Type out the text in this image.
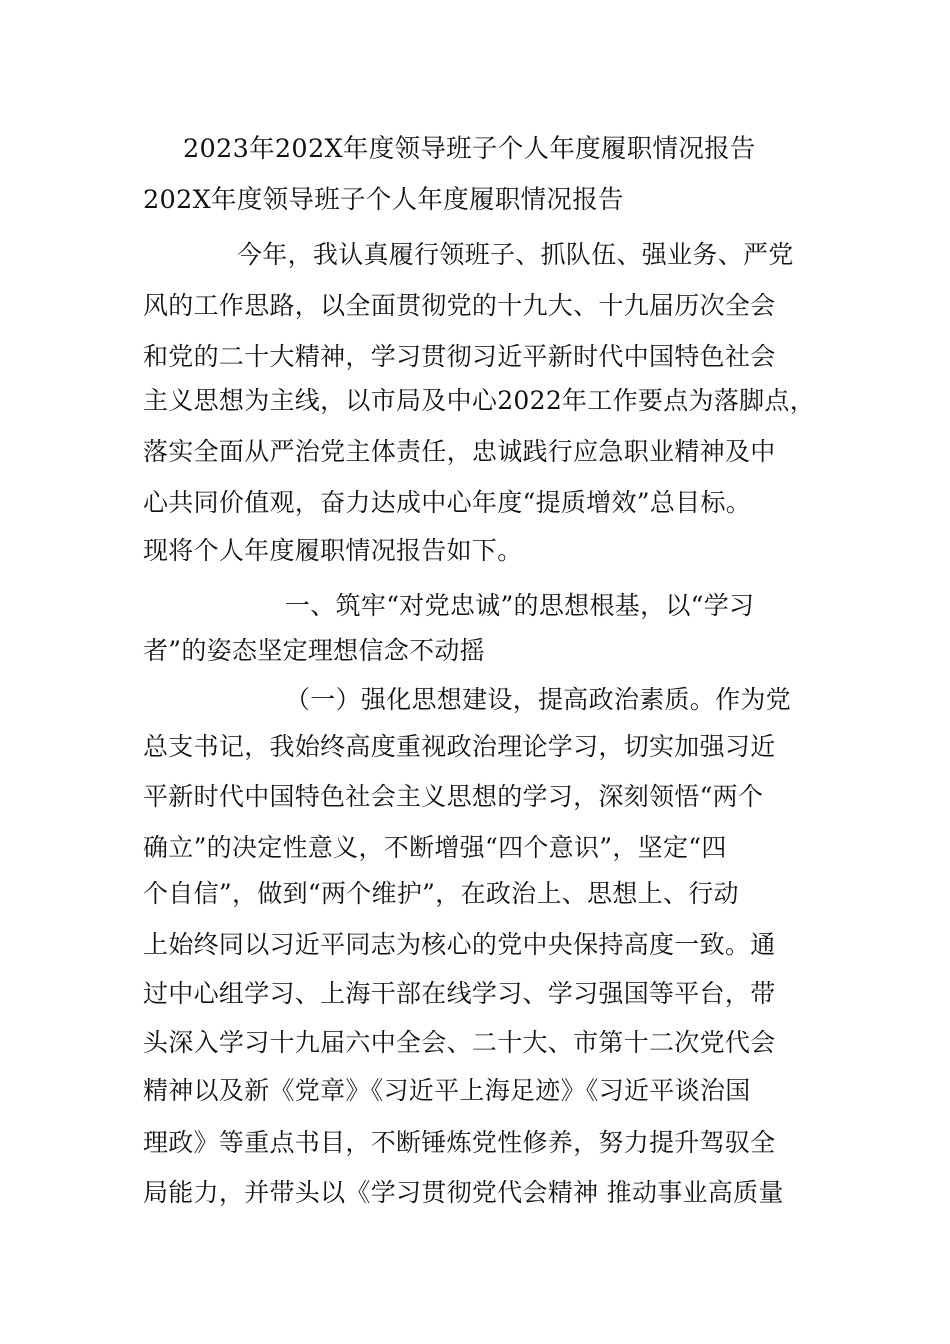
2023年202X年度领导班子个人年度履职情况报告
202X年度领导班子个人年度履职情况报告
今年，我认真履行领班子、抓队伍、强业务、严党
风的工作思路，以全面贯彻党的十九大、十九届历次全会
和党的二十大精神，学习贯彻习近平新时代中国特色社会
主义思想为主线，以市局及中心2022年工作要点为落脚点，
落实全面从严治党主体责任，忠诚践行应急职业精神及中
心共同价值观，奋力达成中心年度“提质增效”总目标。
现将个人年度履职情况报告如下。
一、筑牢“对党忠诚”的思想根基，以“学习
者”的姿态坚定理想信念不动摇
（一）强化思想建设，提高政治素质。作为党
总支书记，我始终高度重视政治理论学习，切实加强习近
平新时代中国特色社会主义思想的学习，深刻领悟“两个
确立”的决定性意义，不断增强“四个意识”，坚定“四
个自信”，做到“两个维护”，在政治上、思想上、行动
上始终同以习近平同志为核心的党中央保持高度一致。通
过中心组学习、上海干部在线学习、学习强国等平台，带
头深入学习十九届六中全会、二十大、市第十二次党代会
精神以及新《党章》《习近平上海足迹》《习近平谈治国
理政》等重点书目，不断锤炼党性修养，努力提升驾驭全
局能力，并带头以《学习贯彻党代会精神 推动事业高质量
